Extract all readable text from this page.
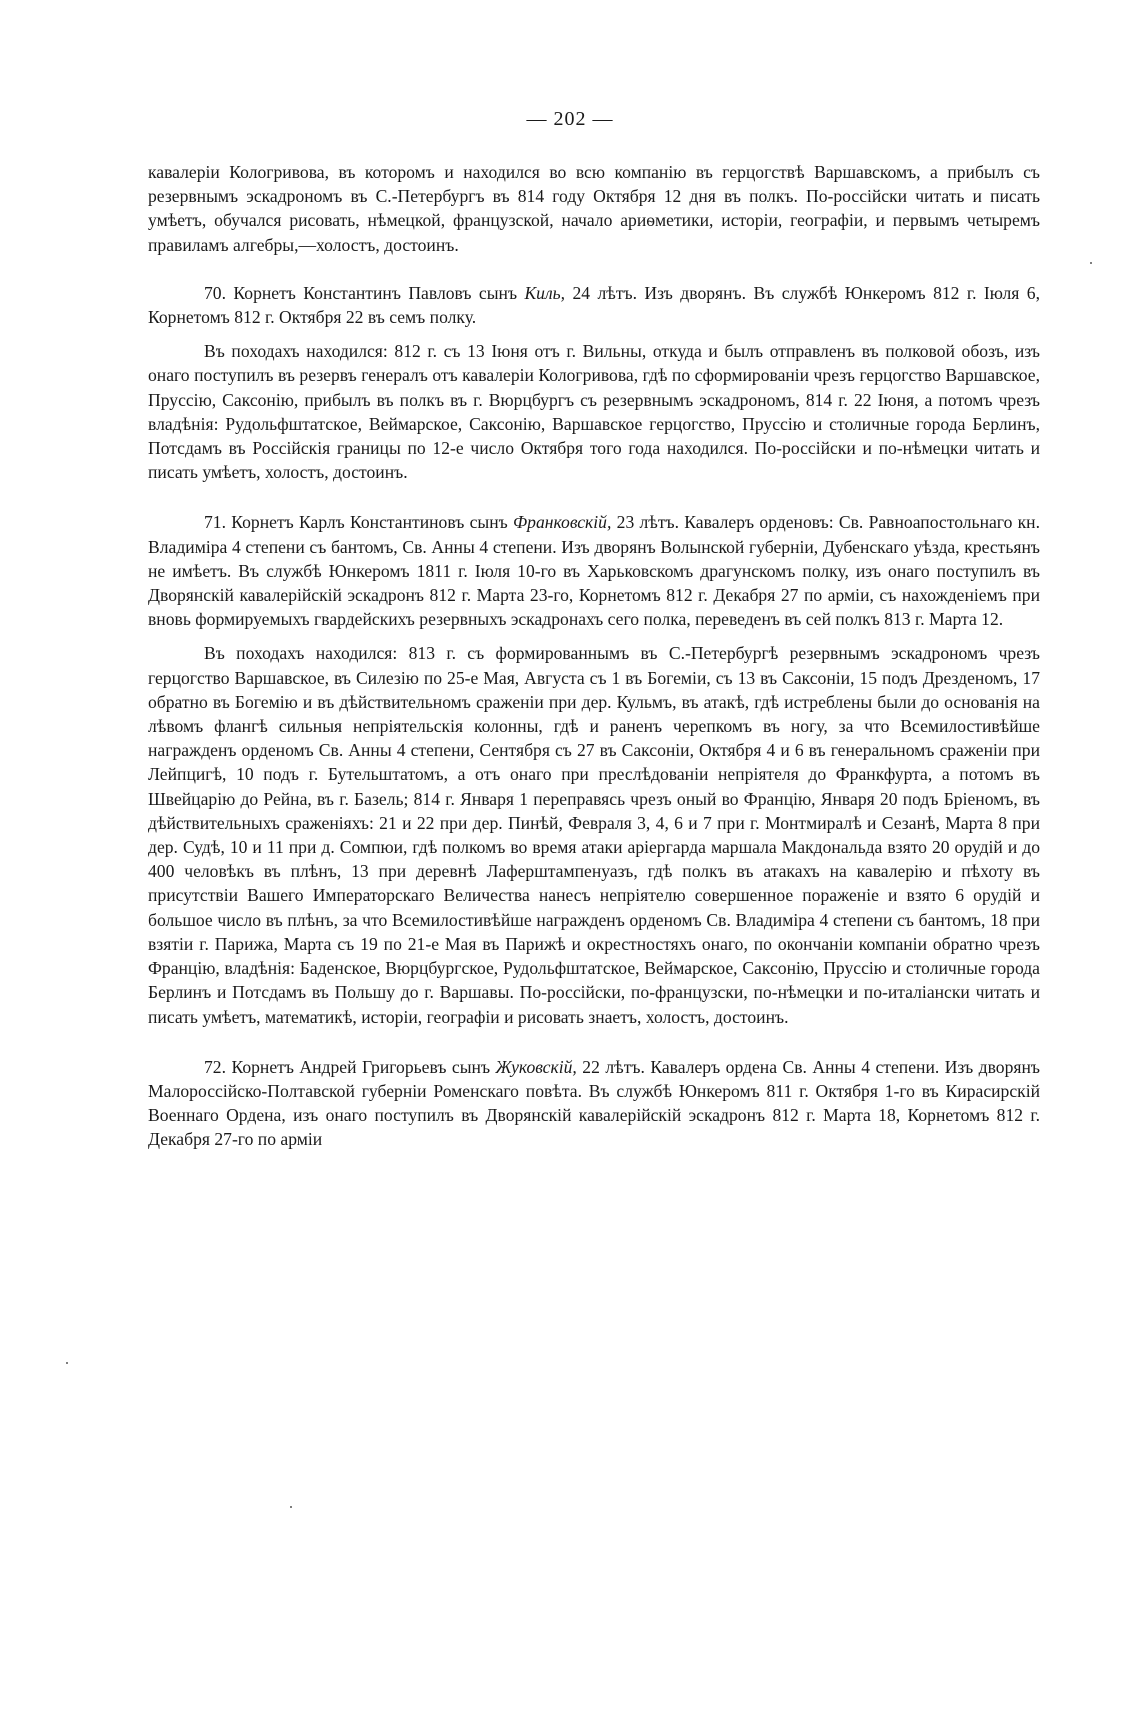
— 202 —

кавалеріи Кологривова, въ которомъ и находился во всю компанію въ герцогствѣ Варшавскомъ, а прибылъ съ резервнымъ эскадрономъ въ С.-Петербургъ въ 814 году Октября 12 дня въ полкъ. По-россійски читать и писать умѣетъ, обучался рисовать, нѣмецкой, французской, начало ариѳметики, исторіи, географіи, и первымъ четыремъ правиламъ алгебры,—холостъ, достоинъ.

70. Корнетъ Константинъ Павловъ сынъ Киль, 24 лѣтъ. Изъ дворянъ. Въ службѣ Юнкеромъ 812 г. Іюля 6, Корнетомъ 812 г. Октября 22 въ семъ полку.

Въ походахъ находился: 812 г. съ 13 Іюня отъ г. Вильны, откуда и былъ отправленъ въ полковой обозъ, изъ онаго поступилъ въ резервъ генералъ отъ кавалеріи Кологривова, гдѣ по сформированіи чрезъ герцогство Варшавское, Пруссію, Саксонію, прибылъ въ полкъ въ г. Вюрцбургъ съ резервнымъ эскадрономъ, 814 г. 22 Іюня, а потомъ чрезъ владѣнія: Рудольфштатское, Веймарское, Саксонію, Варшавское герцогство, Пруссію и столичные города Берлинъ, Потсдамъ въ Россійскія границы по 12-е число Октября того года находился. По-россійски и по-нѣмецки читать и писать умѣетъ, холостъ, достоинъ.

71. Корнетъ Карлъ Константиновъ сынъ Франковскій, 23 лѣтъ. Кавалеръ орденовъ: Св. Равноапостольнаго кн. Владиміра 4 степени съ бантомъ, Св. Анны 4 степени. Изъ дворянъ Волынской губерніи, Дубенскаго уѣзда, крестьянъ не имѣетъ. Въ службѣ Юнкеромъ 1811 г. Іюля 10-го въ Харьковскомъ драгунскомъ полку, изъ онаго поступилъ въ Дворянскій кавалерійскій эскадронъ 812 г. Марта 23-го, Корнетомъ 812 г. Декабря 27 по арміи, съ нахожденіемъ при вновь формируемыхъ гвардейскихъ резервныхъ эскадронахъ сего полка, переведенъ въ сей полкъ 813 г. Марта 12.

Въ походахъ находился: 813 г. съ формированнымъ въ С.-Петербургѣ резервнымъ эскадрономъ чрезъ герцогство Варшавское, въ Силезію по 25-е Мая, Августа съ 1 въ Богеміи, съ 13 въ Саксоніи, 15 подъ Дрезденомъ, 17 обратно въ Богемію и въ дѣйствительномъ сраженіи при дер. Кульмъ, въ атакѣ, гдѣ истреблены были до основанія на лѣвомъ флангѣ сильныя непріятельскія колонны, гдѣ и раненъ черепкомъ въ ногу, за что Всемилостивѣйше награжденъ орденомъ Св. Анны 4 степени, Сентября съ 27 въ Саксоніи, Октября 4 и 6 въ генеральномъ сраженіи при Лейпцигѣ, 10 подъ г. Бутельштатомъ, а отъ онаго при преслѣдованіи непріятеля до Франкфурта, а потомъ въ Швейцарію до Рейна, въ г. Базель; 814 г. Января 1 переправясь чрезъ оный во Францію, Января 20 подъ Бріеномъ, въ дѣйствительныхъ сраженіяхъ: 21 и 22 при дер. Пинѣй, Февраля 3, 4, 6 и 7 при г. Монтмиралѣ и Сезанѣ, Марта 8 при дер. Судѣ, 10 и 11 при д. Сомпюи, гдѣ полкомъ во время атаки аріергарда маршала Макдональда взято 20 орудій и до 400 человѣкъ въ плѣнъ, 13 при деревнѣ Лаферштампенуазъ, гдѣ полкъ въ атакахъ на кавалерію и пѣхоту въ присутствіи Вашего Императорскаго Величества нанесъ непріятелю совершенное пораженіе и взято 6 орудій и большое число въ плѣнъ, за что Всемилостивѣйше награжденъ орденомъ Св. Владиміра 4 степени съ бантомъ, 18 при взятіи г. Парижа, Марта съ 19 по 21-е Мая въ Парижѣ и окрестностяхъ онаго, по окончаніи компаніи обратно чрезъ Францію, владѣнія: Баденское, Вюрцбургское, Рудольфштатское, Веймарское, Саксонію, Пруссію и столичные города Берлинъ и Потсдамъ въ Польшу до г. Варшавы. По-россійски, по-французски, по-нѣмецки и по-италіански читать и писать умѣетъ, математикѣ, исторіи, географіи и рисовать знаетъ, холостъ, достоинъ.

72. Корнетъ Андрей Григорьевъ сынъ Жуковскій, 22 лѣтъ. Кавалеръ ордена Св. Анны 4 степени. Изъ дворянъ Малороссійско-Полтавской губерніи Роменскаго повѣта. Въ службѣ Юнкеромъ 811 г. Октября 1-го въ Кирасирскій Военнаго Ордена, изъ онаго поступилъ въ Дворянскій кавалерійскій эскадронъ 812 г. Марта 18, Корнетомъ 812 г. Декабря 27-го по арміи
